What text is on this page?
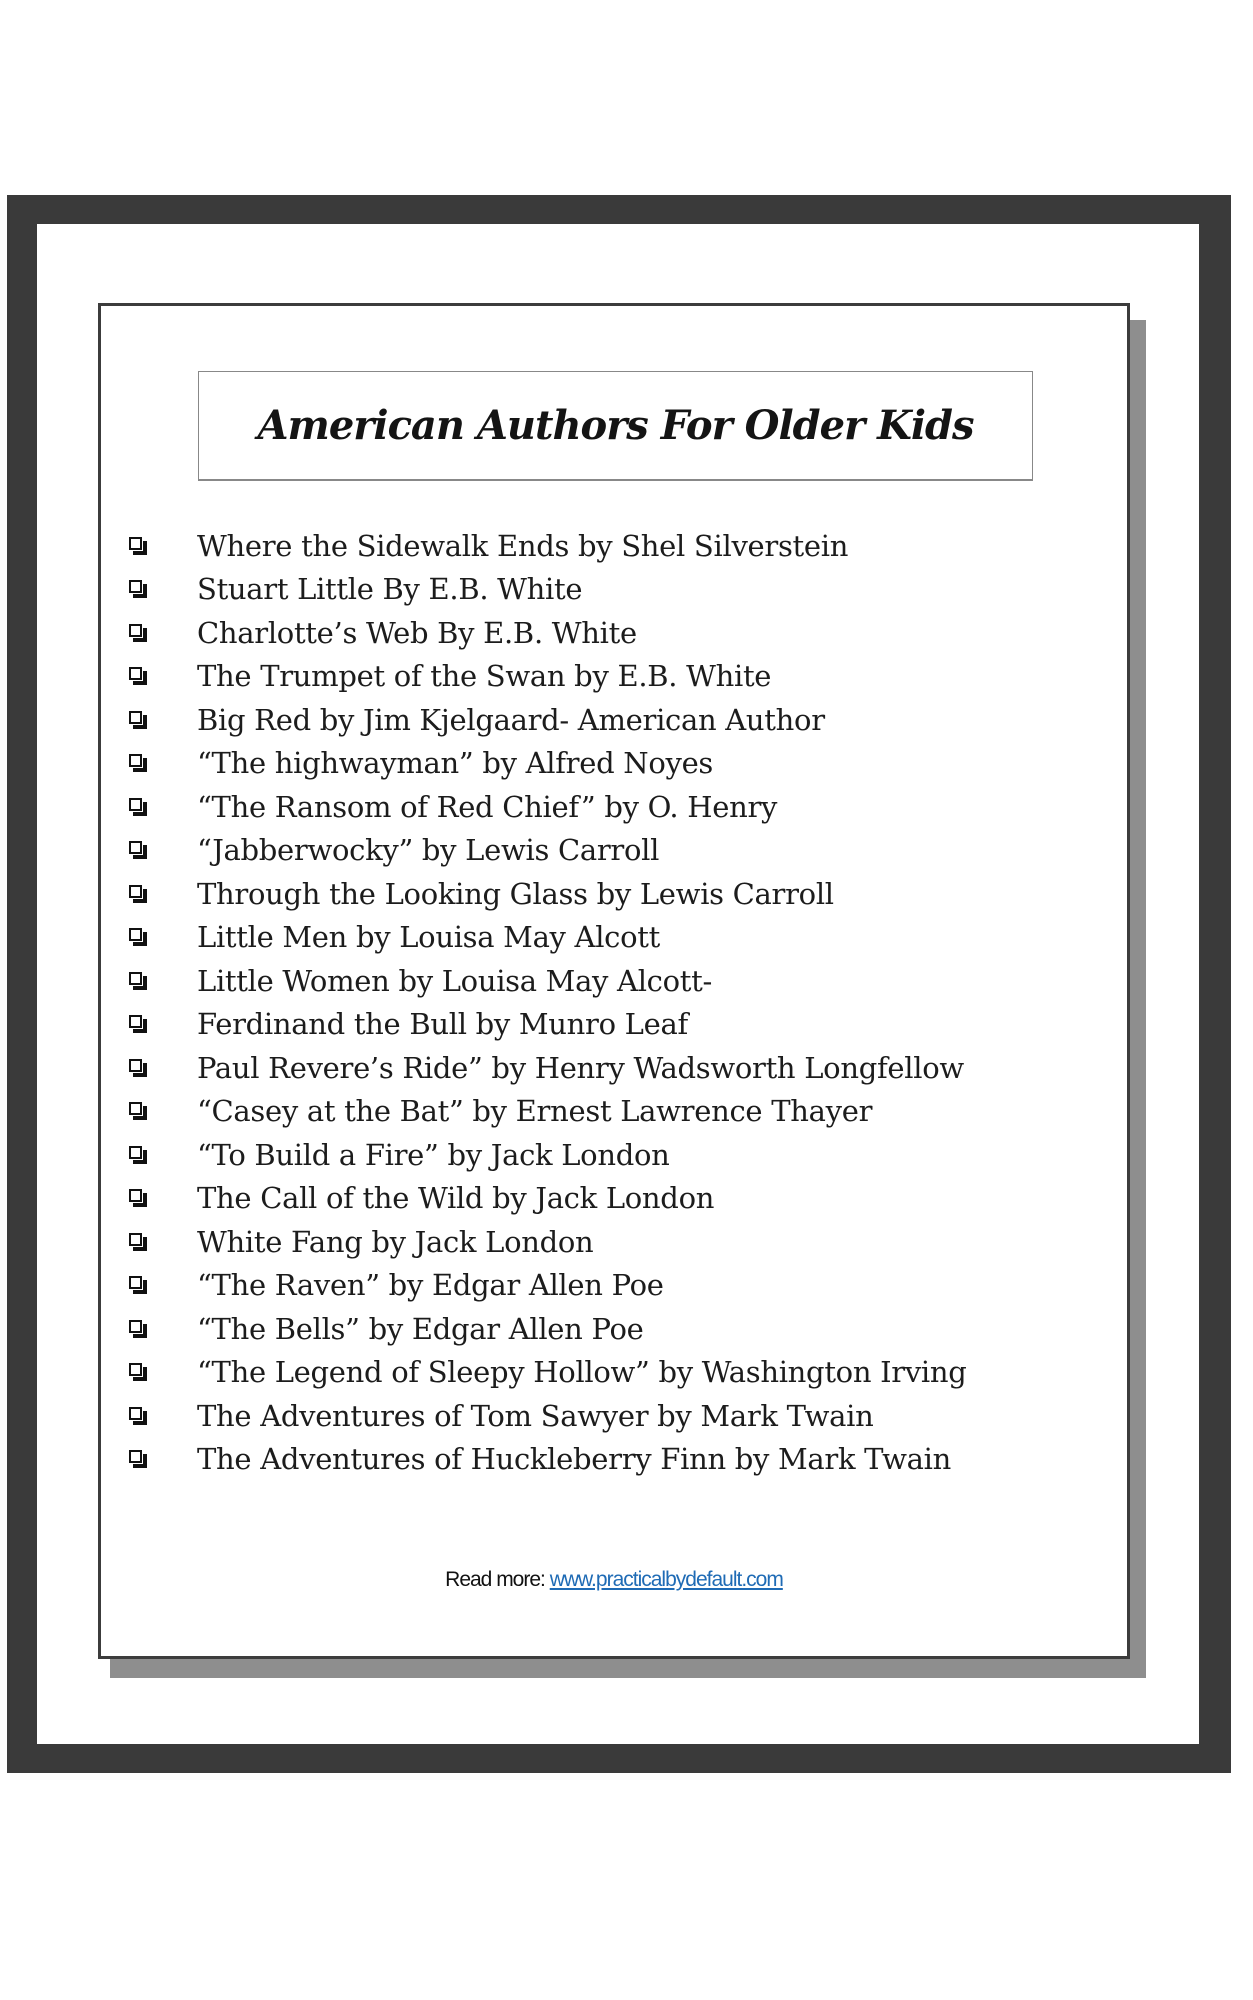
American Authors For Older Kids
Where the Sidewalk Ends by Shel Silverstein
Stuart Little By E.B. White
Charlotte’s Web By E.B. White
The Trumpet of the Swan by E.B. White
Big Red by Jim Kjelgaard- American Author
“The highwayman” by Alfred Noyes
“The Ransom of Red Chief” by O. Henry
“Jabberwocky” by Lewis Carroll
Through the Looking Glass by Lewis Carroll
Little Men by Louisa May Alcott
Little Women by Louisa May Alcott-
Ferdinand the Bull by Munro Leaf
Paul Revere’s Ride” by Henry Wadsworth Longfellow
“Casey at the Bat” by Ernest Lawrence Thayer
“To Build a Fire” by Jack London
The Call of the Wild by Jack London
White Fang by Jack London
“The Raven” by Edgar Allen Poe
“The Bells” by Edgar Allen Poe
“The Legend of Sleepy Hollow” by Washington Irving
The Adventures of Tom Sawyer by Mark Twain
The Adventures of Huckleberry Finn by Mark Twain
Read more: www.practicalbydefault.com
